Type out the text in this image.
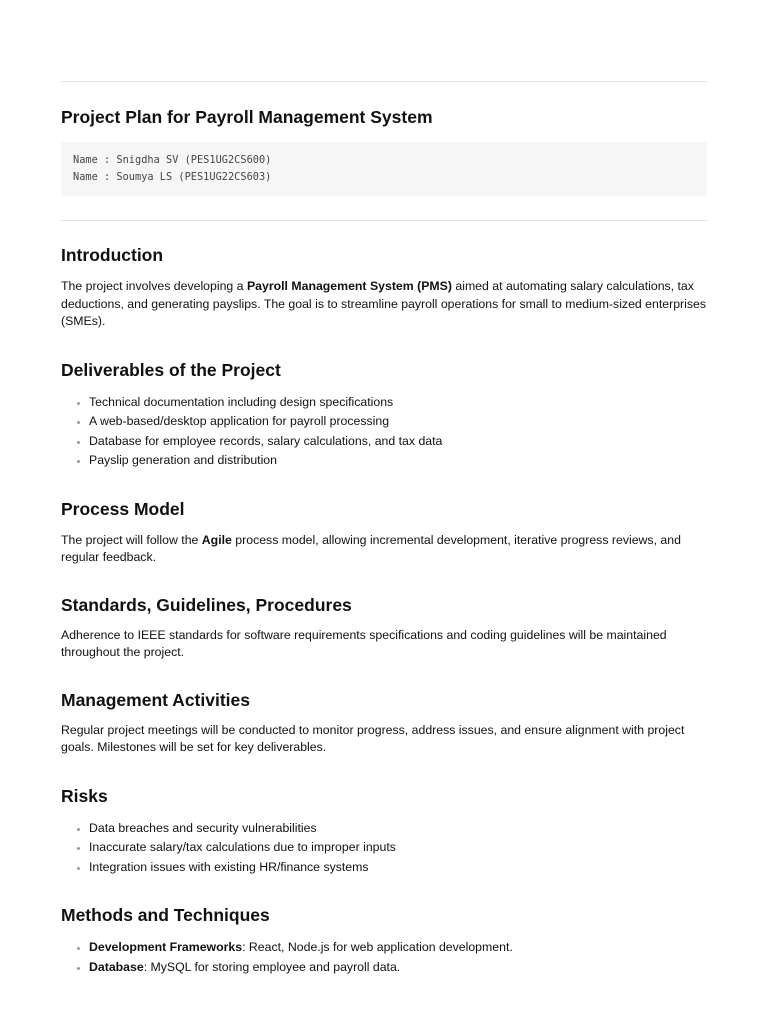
Project Plan for Payroll Management System
Name : Snigdha SV (PES1UG2CS600)
Name : Soumya LS (PES1UG22CS603)
Introduction

The project involves developing a Payroll Management System (PMS) aimed at automating salary calculations, tax deductions, and generating payslips. The goal is to streamline payroll operations for small to medium-sized enterprises (SMEs).

Deliverables of the Project
• Technical documentation including design specifications
• A web-based/desktop application for payroll processing
• Database for employee records, salary calculations, and tax data
• Payslip generation and distribution
Process Model

The project will follow the Agile process model, allowing incremental development, iterative progress reviews, and regular feedback.

Standards, Guidelines, Procedures

Adherence to IEEE standards for software requirements specifications and coding guidelines will be maintained throughout the project.

Management Activities

Regular project meetings will be conducted to monitor progress, address issues, and ensure alignment with project goals. Milestones will be set for key deliverables.

Risks
• Data breaches and security vulnerabilities
• Inaccurate salary/tax calculations due to improper inputs
• Integration issues with existing HR/finance systems
Methods and Techniques
• Development Frameworks: React, Node.js for web application development.
• Database: MySQL for storing employee and payroll data.
